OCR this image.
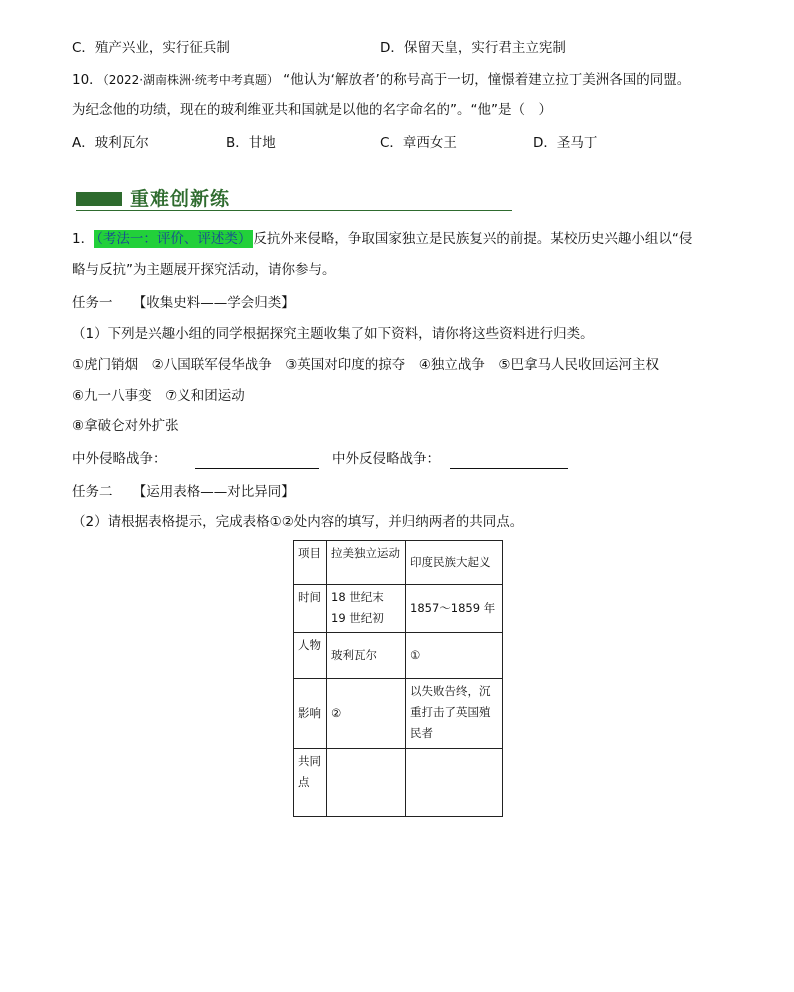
C．殖产兴业，实行征兵制	D．保留天皇，实行君主立宪制
10．（2022·湖南株洲·统考中考真题） “他认为‘解放者’的称号高于一切，憧憬着建立拉丁美洲各国的同盟。
为纪念他的功绩，现在的玻利维亚共和国就是以他的名字命名的”。“他”是（　）
A．玻利瓦尔	B．甘地	C．章西女王	D．圣马丁
重难创新练
1． （考法一：评价、评述类） 反抗外来侵略，争取国家独立是民族复兴的前提。某校历史兴趣小组以“侵
略与反抗”为主题展开探究活动，请你参与。
任务一　　【收集史料——学会归类】
（1）下列是兴趣小组的同学根据探究主题收集了如下资料，请你将这些资料进行归类。
①虎门销烟　②八国联军侵华战争　③英国对印度的掠夺　④独立战争　⑤巴拿马人民收回运河主权
⑥九一八事变　⑦义和团运动
⑧拿破仑对外扩张
中外侵略战争：	中外反侵略战争：
任务二　　【运用表格——对比异同】
（2）请根据表格提示，完成表格①②处内容的填写，并归纳两者的共同点。
项目	拉美独立运动	印度民族大起义
时间	18 世纪末 19 世纪初	1857～1859 年
人物	玻利瓦尔	①
影响	②	以失败告终，沉重打击了英国殖民者
共同点		
